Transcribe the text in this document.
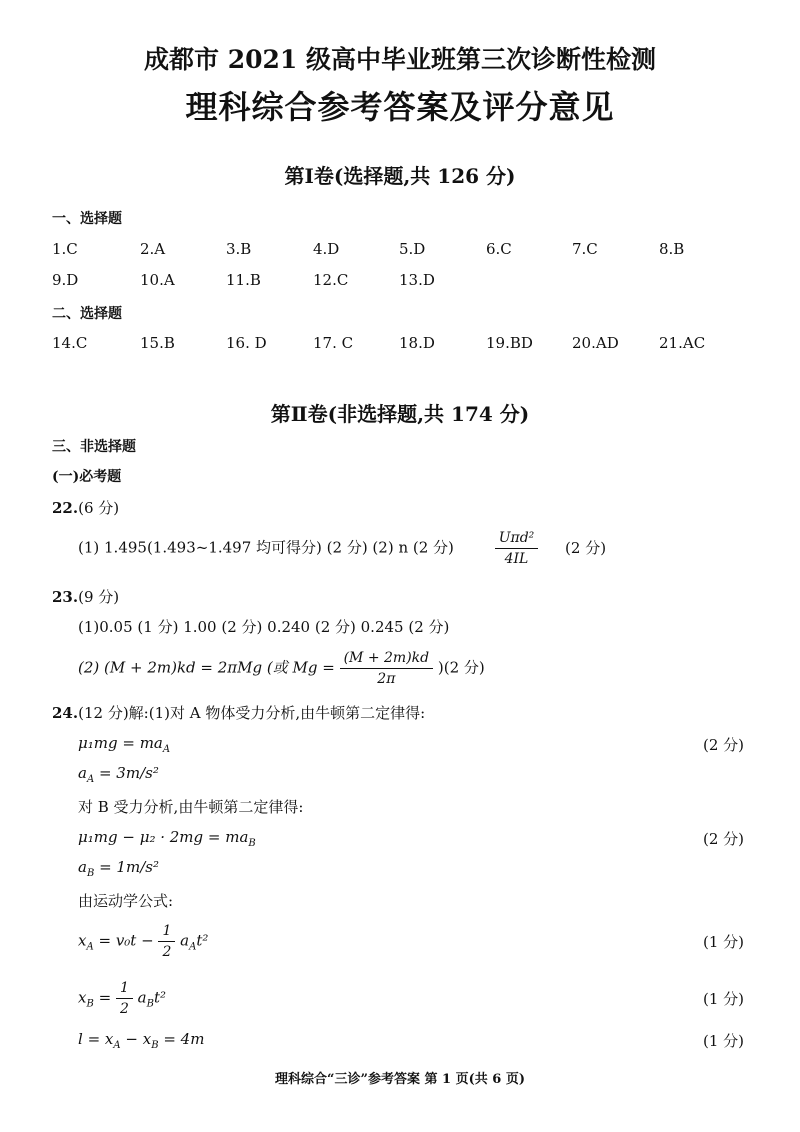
成都市 2021 级高中毕业班第三次诊断性检测
理科综合参考答案及评分意见
第Ⅰ卷(选择题,共 126 分)
一、选择题
1.C	2.A	3.B	4.D	5.D	6.C	7.C	8.B
9.D	10.A	11.B	12.C	13.D
二、选择题
14.C	15.B	16. D	17. C	18.D	19.BD	20.AD	21.AC
第Ⅱ卷(非选择题,共 174 分)
三、非选择题
(一)必考题
22.(6 分)
(1) 1.495(1.493~1.497 均可得分) (2 分) (2) n (2 分)	$\frac{\text{Uπd²}}{4IL} (2$ 分)
23.(9 分)
(1)0.05 (1 分) 1.00 (2 分) 0.240 (2 分) 0.245 (2 分)
(2) (M + 2m)kd = 2πMg (或 $Mg = \frac{(M + 2m)kd}{2\pi} )(2$ 分)
24.(12 分)解:(1)对 A 物体受力分析,由牛顿第二定律得:
$\mu_1mg = ma_A$	(2 分)
$a_A = 3m/s^2$
对 B 受力分析,由牛顿第二定律得:
$\mu_1mg - \mu_2 \cdot 2mg = ma_B$	(2 分)
$a_B = 1m/s^2$
由运动学公式:
$x_A = v_0t - \frac{1}{2} a_At^2$	(1 分)
$x_B = \frac{1}{2} a_Bt^2$	(1 分)
$l = x_A - x_B = 4m$	(1 分)
理科综合“三诊”参考答案 第 1 页(共 6 页)
